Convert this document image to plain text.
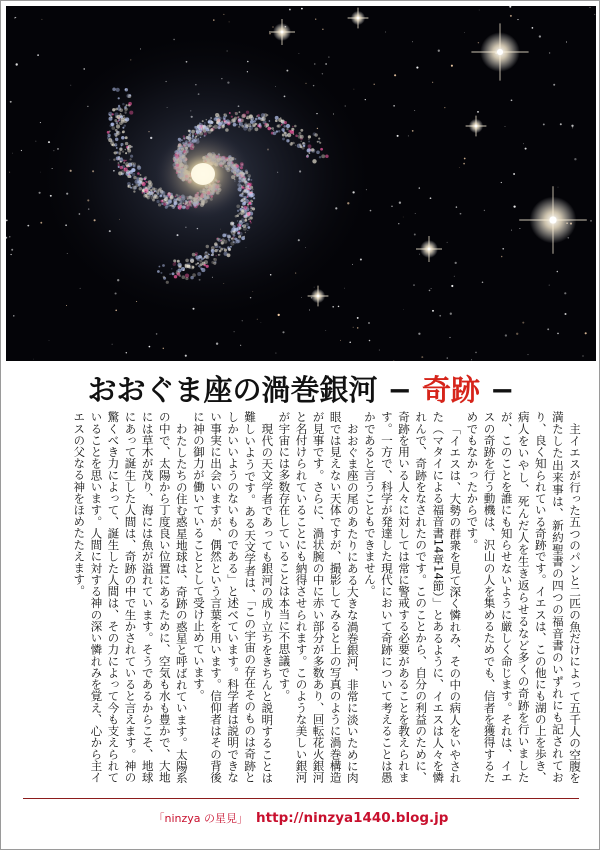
おおぐま座の渦巻銀河 − 奇跡 −

主イエスが行った五つのパンと二匹の魚だけによって五千人の空腹を満たした出来事は、新約聖書の四つの福音書のいずれにも記されており、良く知られている奇跡です。イエスは、この他にも湖の上を歩き、病人をいやし、死んだ人を生き返らせるなど多くの奇跡を行いましたが、このことを誰にも知らせないように厳しく命じます。それは、イエスの奇跡を行う動機は、沢山の人を集めるためでも、信者を獲得するためでもなかったからです。

「イエスは、大勢の群衆を見て深く憐れみ、その中の病人をいやされた（マタイによる福音書14章14節）」とあるように、イエスは人々を憐れんで、奇跡をなされたのです。このことから、自分の利益のために、奇跡を用いる人々に対しては常に警戒する必要があることを教えられます。一方で、科学が発達した現代において奇跡について考えることは愚かであると言うこともできません。

おおぐま座の尾のあたりにある大きな渦巻銀河、非常に淡いために肉眼では見えない天体ですが、撮影してみると上の写真のように渦巻構造が見事です。さらに、渦状腕の中に赤い部分が多数あり、回転花火銀河と名付けられていることにも納得させられます。このような美しい銀河が宇宙には多数存在していることは本当に不思議です。

現代の天文学者であっても銀河の成り立ちをきちんと説明することは難しいようです。ある天文学者は、「この宇宙の存在そのものは奇跡としかいいようのないものである」と述べています。科学者は説明できない事実に出会いますが、偶然という言葉を用います。信仰者はその背後に神の御力が働いていることとして受け止めています。

わたしたちの住む惑星地球は、奇跡の惑星と呼ばれています。太陽系の中で、太陽から丁度良い位置にあるために、空気も水も豊かで、大地には草木が茂り、海には魚が溢れています。そうであるからこそ、地球にあって誕生した人間は、奇跡の中で生かされていると言えます。神の驚くべき力によって、誕生した人間は、その力によって今も支えられていることを思います。人間に対する神の深い憐れみを覚え、心から主イエスの父なる神をほめたたえます。

「ninzya の星見」 http://ninzya1440.blog.jp
